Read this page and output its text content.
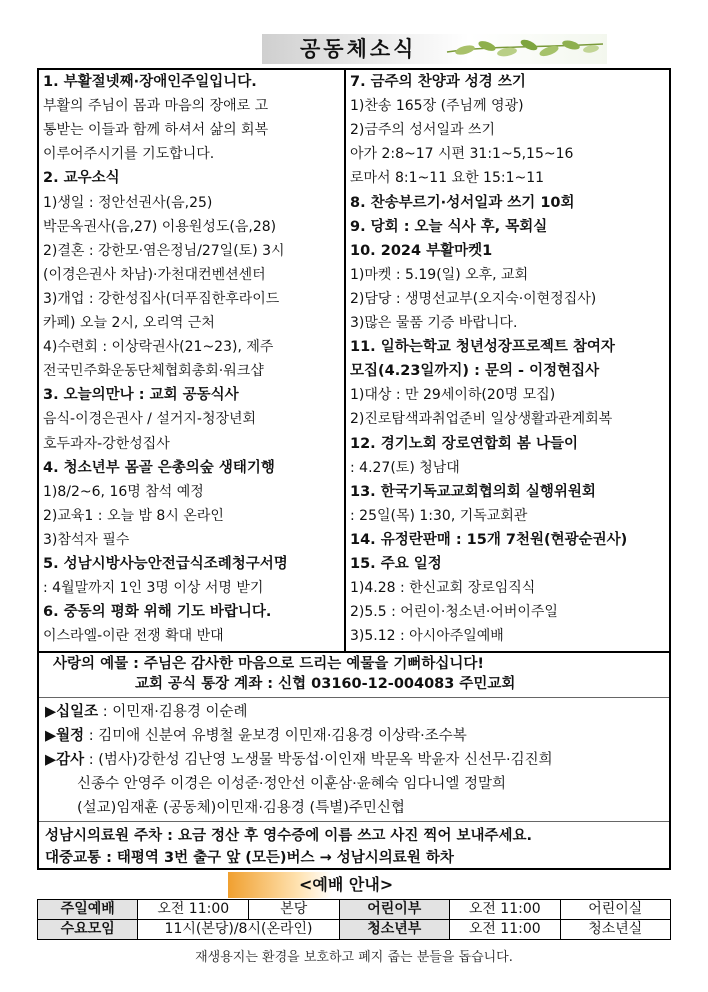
공동체소식
1. 부활절넷째·장애인주일입니다.
부활의 주님이 몸과 마음의 장애로 고
통받는 이들과 함께 하셔서 삶의 회복
이루어주시기를 기도합니다.
2. 교우소식
1)생일 : 정안선권사(음,25)
박문옥권사(음,27) 이용원성도(음,28)
2)결혼 : 강한모·염은정님/27일(토) 3시
(이경은권사 차남)·가천대컨벤션센터
3)개업 : 강한성집사(더푸짐한후라이드
카페) 오늘 2시, 오리역 근처
4)수련회 : 이상락권사(21~23), 제주
전국민주화운동단체협회총회·워크샵
3. 오늘의만나 : 교회 공동식사
음식-이경은권사 / 설거지-청장년회
호두과자-강한성집사
4. 청소년부 몸골 은총의숲 생태기행
1)8/2~6, 16명 참석 예정
2)교육1 : 오늘 밤 8시 온라인
3)참석자 필수
5. 성남시방사능안전급식조례청구서명
: 4월말까지 1인 3명 이상 서명 받기
6. 중동의 평화 위해 기도 바랍니다.
이스라엘-이란 전쟁 확대 반대
7. 금주의 찬양과 성경 쓰기
1)찬송 165장 (주님께 영광)
2)금주의 성서일과 쓰기
아가 2:8~17 시편 31:1~5,15~16
로마서 8:1~11 요한 15:1~11
8. 찬송부르기·성서일과 쓰기 10회
9. 당회 : 오늘 식사 후, 목회실
10. 2024 부활마켓1
1)마켓 : 5.19(일) 오후, 교회
2)담당 : 생명선교부(오지숙·이현정집사)
3)많은 물품 기증 바랍니다.
11. 일하는학교 청년성장프로젝트 참여자
모집(4.23일까지) : 문의 - 이정현집사
1)대상 : 만 29세이하(20명 모집)
2)진로탐색과취업준비 일상생활과관계회복
12. 경기노회 장로연합회 봄 나들이
: 4.27(토) 청남대
13. 한국기독교교회협의회 실행위원회
: 25일(목) 1:30, 기독교회관
14. 유정란판매 : 15개 7천원(현광순권사)
15. 주요 일정
1)4.28 : 한신교회 장로임직식
2)5.5 : 어린이·청소년·어버이주일
3)5.12 : 아시아주일예배
사랑의 예물 : 주님은 감사한 마음으로 드리는 예물을 기뻐하십니다!
교회 공식 통장 계좌 : 신협 03160-12-004083 주민교회
▶십일조 : 이민재·김용경 이순례
▶월정 : 김미애 신분여 유병철 윤보경 이민재·김용경 이상락·조수복
▶감사 : (범사)강한성 김난영 노생물 박동섭·이인재 박문옥 박윤자 신선무·김진희
신종수 안영주 이경은 이성준·정안선 이훈삼·윤혜숙 임다니엘 정말희
(설교)임재훈 (공동체)이민재·김용경 (특별)주민신협
성남시의료원 주차 : 요금 정산 후 영수증에 이름 쓰고 사진 찍어 보내주세요.
대중교통 : 태평역 3번 출구 앞 (모든)버스 → 성남시의료원 하차
<예배 안내>
주일예배	오전 11:00	본당	어린이부	오전 11:00	어린이실
수요모임	11시(본당)/8시(온라인)		청소년부	오전 11:00	청소년실
재생용지는 환경을 보호하고 폐지 줍는 분들을 돕습니다.
